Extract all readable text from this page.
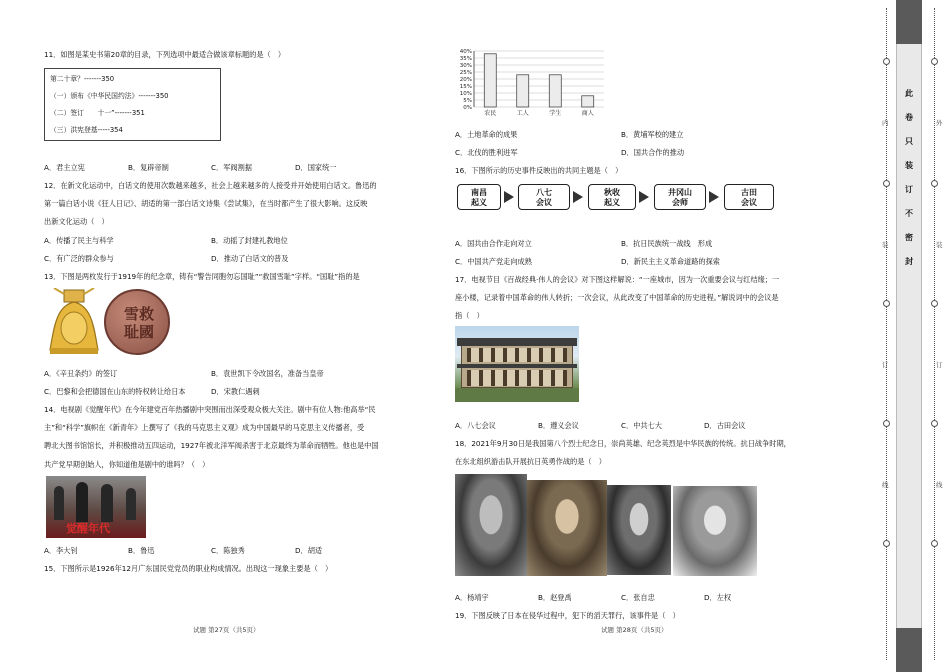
11．如图是某史书第20章的目录，下列选项中最适合做该章标题的是（　）
第二十章？-------350
（一）颁布《中华民国约法》-------350
（二）签订　　十一”-------351
（三）洪宪登基-----354
A．君主立宪	B．复辟帝制	C．军阀割据	D．国家统一
12．在新文化运动中，白话文的使用次数越来越多，社会上越来越多的人接受并开始使用白话文。鲁迅的
第一篇白话小说《狂人日记》、胡适的第一部白话文诗集《尝试集》，在当时都产生了很大影响。这反映
出新文化运动（　）
A．传播了民主与科学	B．动摇了封建礼教地位
C．有广泛的群众参与	D．推动了白话文的普及
13．下图是两枚发行于1919年的纪念章，铸有“警告同胞勿忘国耻”“救国雪耻”字样。“国耻”指的是
雪救
耻國
A．《辛丑条约》的签订	B．袁世凯下令改国名，准备当皇帝
C．巴黎和会把德国在山东的特权转让给日本	D．宋教仁遇刺
14．电视剧《觉醒年代》在今年建党百年热播剧中突围而出深受观众极大关注。剧中有位人物:他高举“民
主”和“科学”旗帜在《新青年》上撰写了《我的马克思主义观》成为中国最早的马克思主义传播者，受
聘北大图书馆馆长，并积极推动五四运动，1927年被北洋军阀杀害于北京最终为革命而牺牲。他也是中国
共产党早期创始人，你知道他是剧中的谁吗？（　）
觉醒年代
A．李大钊	B．鲁迅	C．陈独秀	D．胡适
15．下图所示是1926年12月广东国民党党员的职业构成情况。出现这一现象主要是（　）
试题 第27页（共5页）
40%
35%
30%
25%
20%
15%
10%
5%
0%
农民	工人	学生	商人
A．土地革命的成果	B．黄埔军校的建立
C．北伐的胜利进军	D．国共合作的推动
16．下图所示的历史事件反映出的共同主题是（　）
南昌
起义
八七
会议
秋收
起义
井冈山
会师
古田
会议
A．国共由合作走向对立	B．抗日民族统一战线　形成
C．中国共产党走向成熟	D．新民主主义革命道路的探索
17．电视节目《百战经典·伟人的会议》对下图这样解说：“一座城市，因为一次重要会议与红结缘；一
座小楼，记录着中国革命的伟人转折；一次会议，从此改变了中国革命的历史进程。”解说词中的会议是
指（　）
A．八七会议	B．遵义会议	C．中共七大	D．古田会议
18．2021年9月30日是我国第八个烈士纪念日，崇尚英雄、纪念英烈是中华民族的传统。抗日战争时期，
在东北组织游击队开展抗日英勇作战的是（　）
A．杨靖宇	B．赵登禹	C．张自忠	D．左权
19．下图反映了日本在侵华过程中，犯下的滔天罪行，该事件是（　）
试题 第28页（共5页）
内
装
订
线
外
装
订
线
此
卷
只
装
订
不
密
封
